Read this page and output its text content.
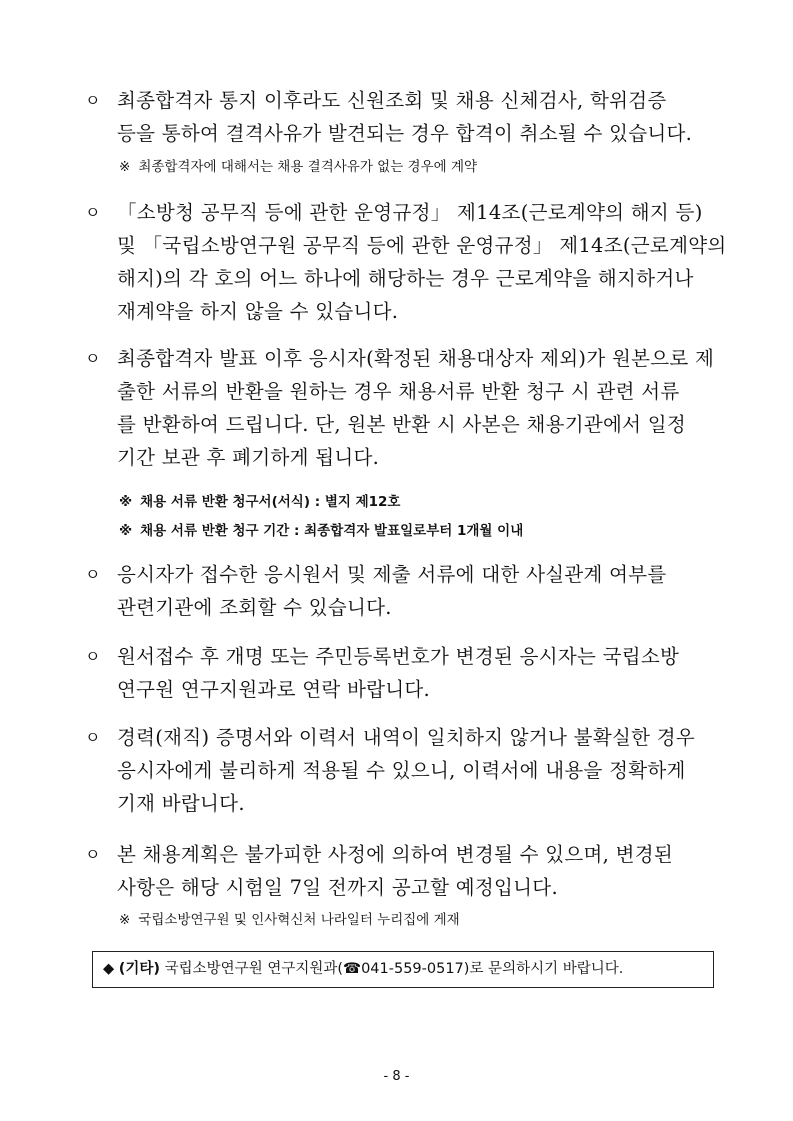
ㅇ 최종합격자 통지 이후라도 신원조회 및 채용 신체검사, 학위검증
등을 통하여 결격사유가 발견되는 경우 합격이 취소될 수 있습니다.
※ 최종합격자에 대해서는 채용 결격사유가 없는 경우에 계약
ㅇ 「소방청 공무직 등에 관한 운영규정」 제14조(근로계약의 해지 등)
및 「국립소방연구원 공무직 등에 관한 운영규정」 제14조(근로계약의
해지)의 각 호의 어느 하나에 해당하는 경우 근로계약을 해지하거나
재계약을 하지 않을 수 있습니다.
ㅇ 최종합격자 발표 이후 응시자(확정된 채용대상자 제외)가 원본으로 제
출한 서류의 반환을 원하는 경우 채용서류 반환 청구 시 관련 서류
를 반환하여 드립니다. 단, 원본 반환 시 사본은 채용기관에서 일정
기간 보관 후 폐기하게 됩니다.
※ 채용 서류 반환 청구서(서식) : 별지 제12호
※ 채용 서류 반환 청구 기간 : 최종합격자 발표일로부터 1개월 이내
ㅇ 응시자가 접수한 응시원서 및 제출 서류에 대한 사실관계 여부를
관련기관에 조회할 수 있습니다.
ㅇ 원서접수 후 개명 또는 주민등록번호가 변경된 응시자는 국립소방
연구원 연구지원과로 연락 바랍니다.
ㅇ 경력(재직) 증명서와 이력서 내역이 일치하지 않거나 불확실한 경우
응시자에게 불리하게 적용될 수 있으니, 이력서에 내용을 정확하게
기재 바랍니다.
ㅇ 본 채용계획은 불가피한 사정에 의하여 변경될 수 있으며, 변경된
사항은 해당 시험일 7일 전까지 공고할 예정입니다.
※ 국립소방연구원 및 인사혁신처 나라일터 누리집에 게재
◆ (기타) 국립소방연구원 연구지원과(☎041-559-0517)로 문의하시기 바랍니다.
- 8 -
